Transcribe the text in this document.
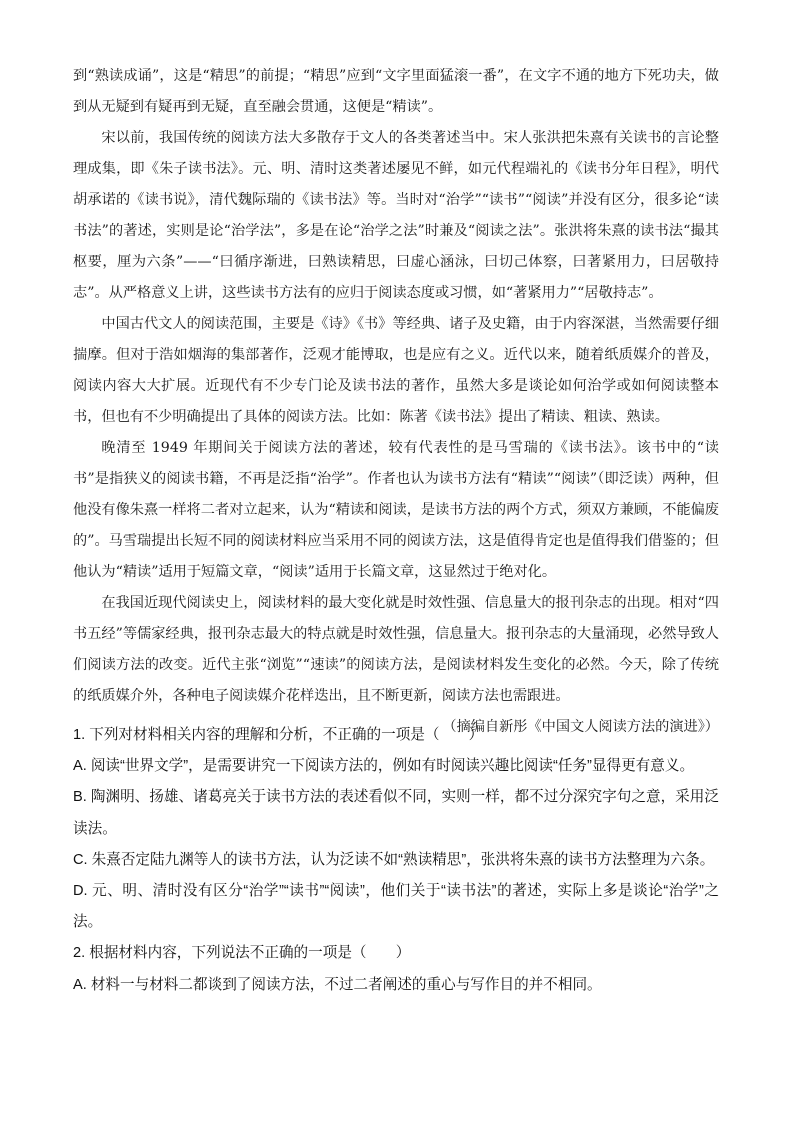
到“熟读成诵”，这是“精思”的前提；“精思”应到“文字里面猛滚一番”，在文字不通的地方下死功夫，做到从无疑到有疑再到无疑，直至融会贯通，这便是“精读”。

宋以前，我国传统的阅读方法大多散存于文人的各类著述当中。宋人张洪把朱熹有关读书的言论整理成集，即《朱子读书法》。元、明、清时这类著述屡见不鲜，如元代程端礼的《读书分年日程》，明代胡承诺的《读书说》，清代魏际瑞的《读书法》等。当时对“治学”“读书”“阅读”并没有区分，很多论“读书法”的著述，实则是论“治学法”，多是在论“治学之法”时兼及“阅读之法”。张洪将朱熹的读书法“撮其枢要，厘为六条”——“曰循序渐进，曰熟读精思，曰虚心涵泳，曰切己体察，曰著紧用力，曰居敬持志”。从严格意义上讲，这些读书方法有的应归于阅读态度或习惯，如“著紧用力”“居敬持志”。

中国古代文人的阅读范围，主要是《诗》《书》等经典、诸子及史籍，由于内容深湛，当然需要仔细揣摩。但对于浩如烟海的集部著作，泛观才能博取，也是应有之义。近代以来，随着纸质媒介的普及，阅读内容大大扩展。近现代有不少专门论及读书法的著作，虽然大多是谈论如何治学或如何阅读整本书，但也有不少明确提出了具体的阅读方法。比如：陈著《读书法》提出了精读、粗读、熟读。

晚清至 1949 年期间关于阅读方法的著述，较有代表性的是马雪瑞的《读书法》。该书中的“读书”是指狭义的阅读书籍，不再是泛指“治学”。作者也认为读书方法有“精读”“阅读”（即泛读）两种，但他没有像朱熹一样将二者对立起来，认为“精读和阅读，是读书方法的两个方式，须双方兼顾，不能偏废的”。马雪瑞提出长短不同的阅读材料应当采用不同的阅读方法，这是值得肯定也是值得我们借鉴的；但他认为“精读”适用于短篇文章，“阅读”适用于长篇文章，这显然过于绝对化。

在我国近现代阅读史上，阅读材料的最大变化就是时效性强、信息量大的报刊杂志的出现。相对“四书五经”等儒家经典，报刊杂志最大的特点就是时效性强，信息量大。报刊杂志的大量涌现，必然导致人们阅读方法的改变。近代主张“浏览”“速读”的阅读方法，是阅读材料发生变化的必然。今天，除了传统的纸质媒介外，各种电子阅读媒介花样迭出，且不断更新，阅读方法也需跟进。

（摘编自新彤《中国文人阅读方法的演进》）

1. 下列对材料相关内容的理解和分析，不正确的一项是（　　）

A. 阅读“世界文学”，是需要讲究一下阅读方法的，例如有时阅读兴趣比阅读“任务”显得更有意义。

B. 陶渊明、扬雄、诸葛亮关于读书方法的表述看似不同，实则一样，都不过分深究字句之意，采用泛读法。

C. 朱熹否定陆九渊等人的读书方法，认为泛读不如“熟读精思”，张洪将朱熹的读书方法整理为六条。

D. 元、明、清时没有区分“治学”“读书”“阅读”，他们关于“读书法”的著述，实际上多是谈论“治学”之法。

2. 根据材料内容，下列说法不正确的一项是（　　）

A. 材料一与材料二都谈到了阅读方法，不过二者阐述的重心与写作目的并不相同。
